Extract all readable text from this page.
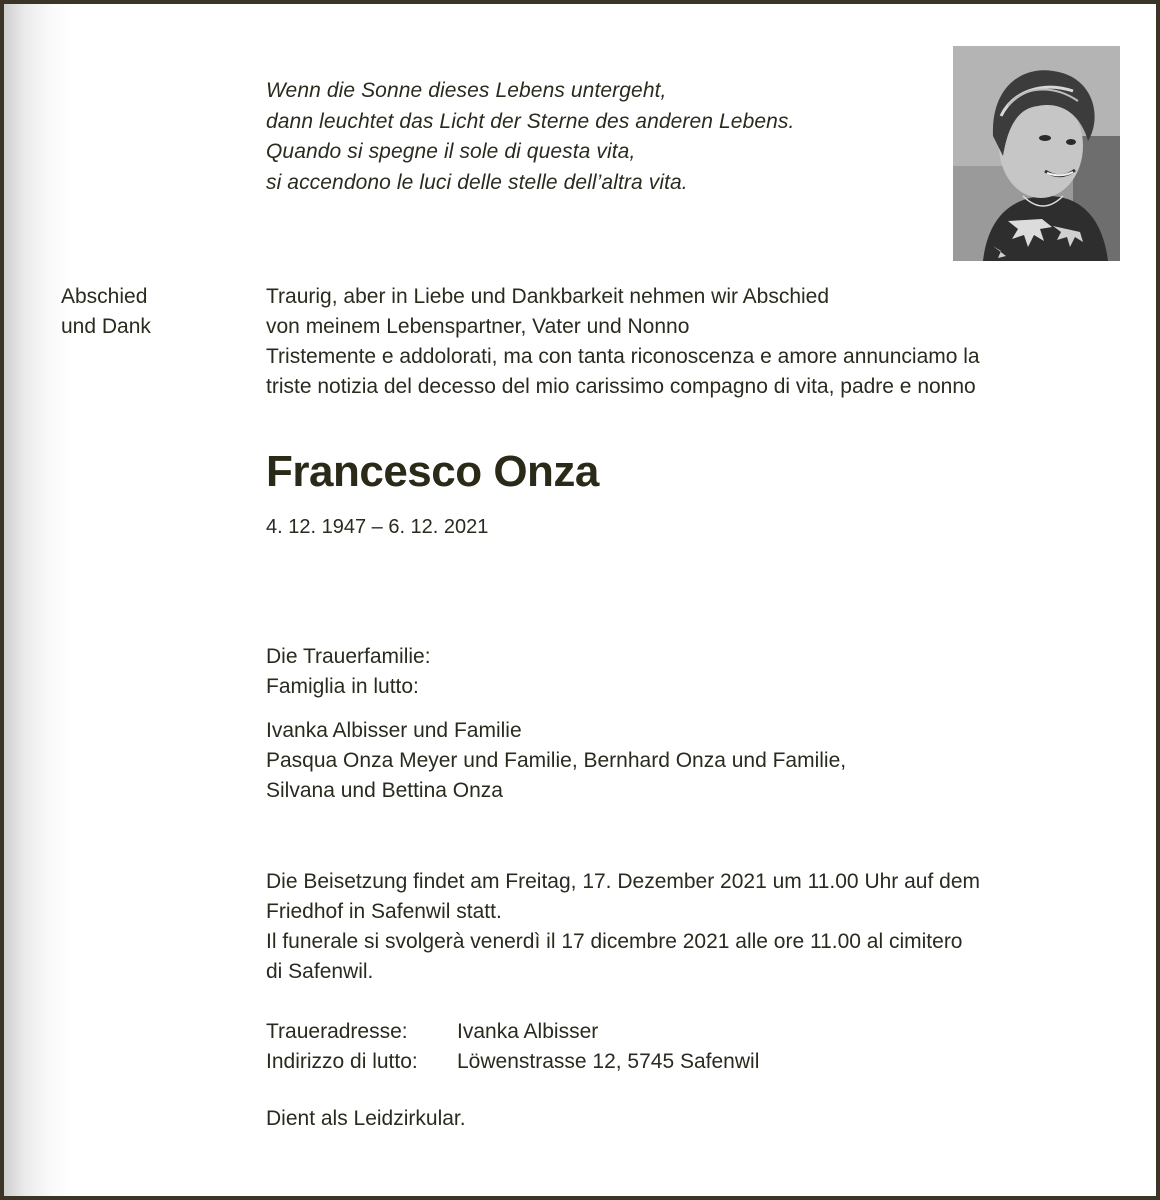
Wenn die Sonne dieses Lebens untergeht,
dann leuchtet das Licht der Sterne des anderen Lebens.
Quando si spegne il sole di questa vita,
si accendono le luci delle stelle dell’altra vita.
Abschied
und Dank
Traurig, aber in Liebe und Dankbarkeit nehmen wir Abschied
von meinem Lebenspartner, Vater und Nonno
Tristemente e addolorati, ma con tanta riconoscenza e amore annunciamo la
triste notizia del decesso del mio carissimo compagno di vita, padre e nonno
Francesco Onza
4. 12. 1947 – 6. 12. 2021
Die Trauerfamilie:
Famiglia in lutto:
Ivanka Albisser und Familie
Pasqua Onza Meyer und Familie, Bernhard Onza und Familie,
Silvana und Bettina Onza
Die Beisetzung findet am Freitag, 17. Dezember 2021 um 11.00 Uhr auf dem
Friedhof in Safenwil statt.
Il funerale si svolgerà venerdì il 17 dicembre 2021 alle ore 11.00 al cimitero
di Safenwil.
Traueradresse:	Ivanka Albisser
Indirizzo di lutto:	Löwenstrasse 12, 5745 Safenwil
Dient als Leidzirkular.
